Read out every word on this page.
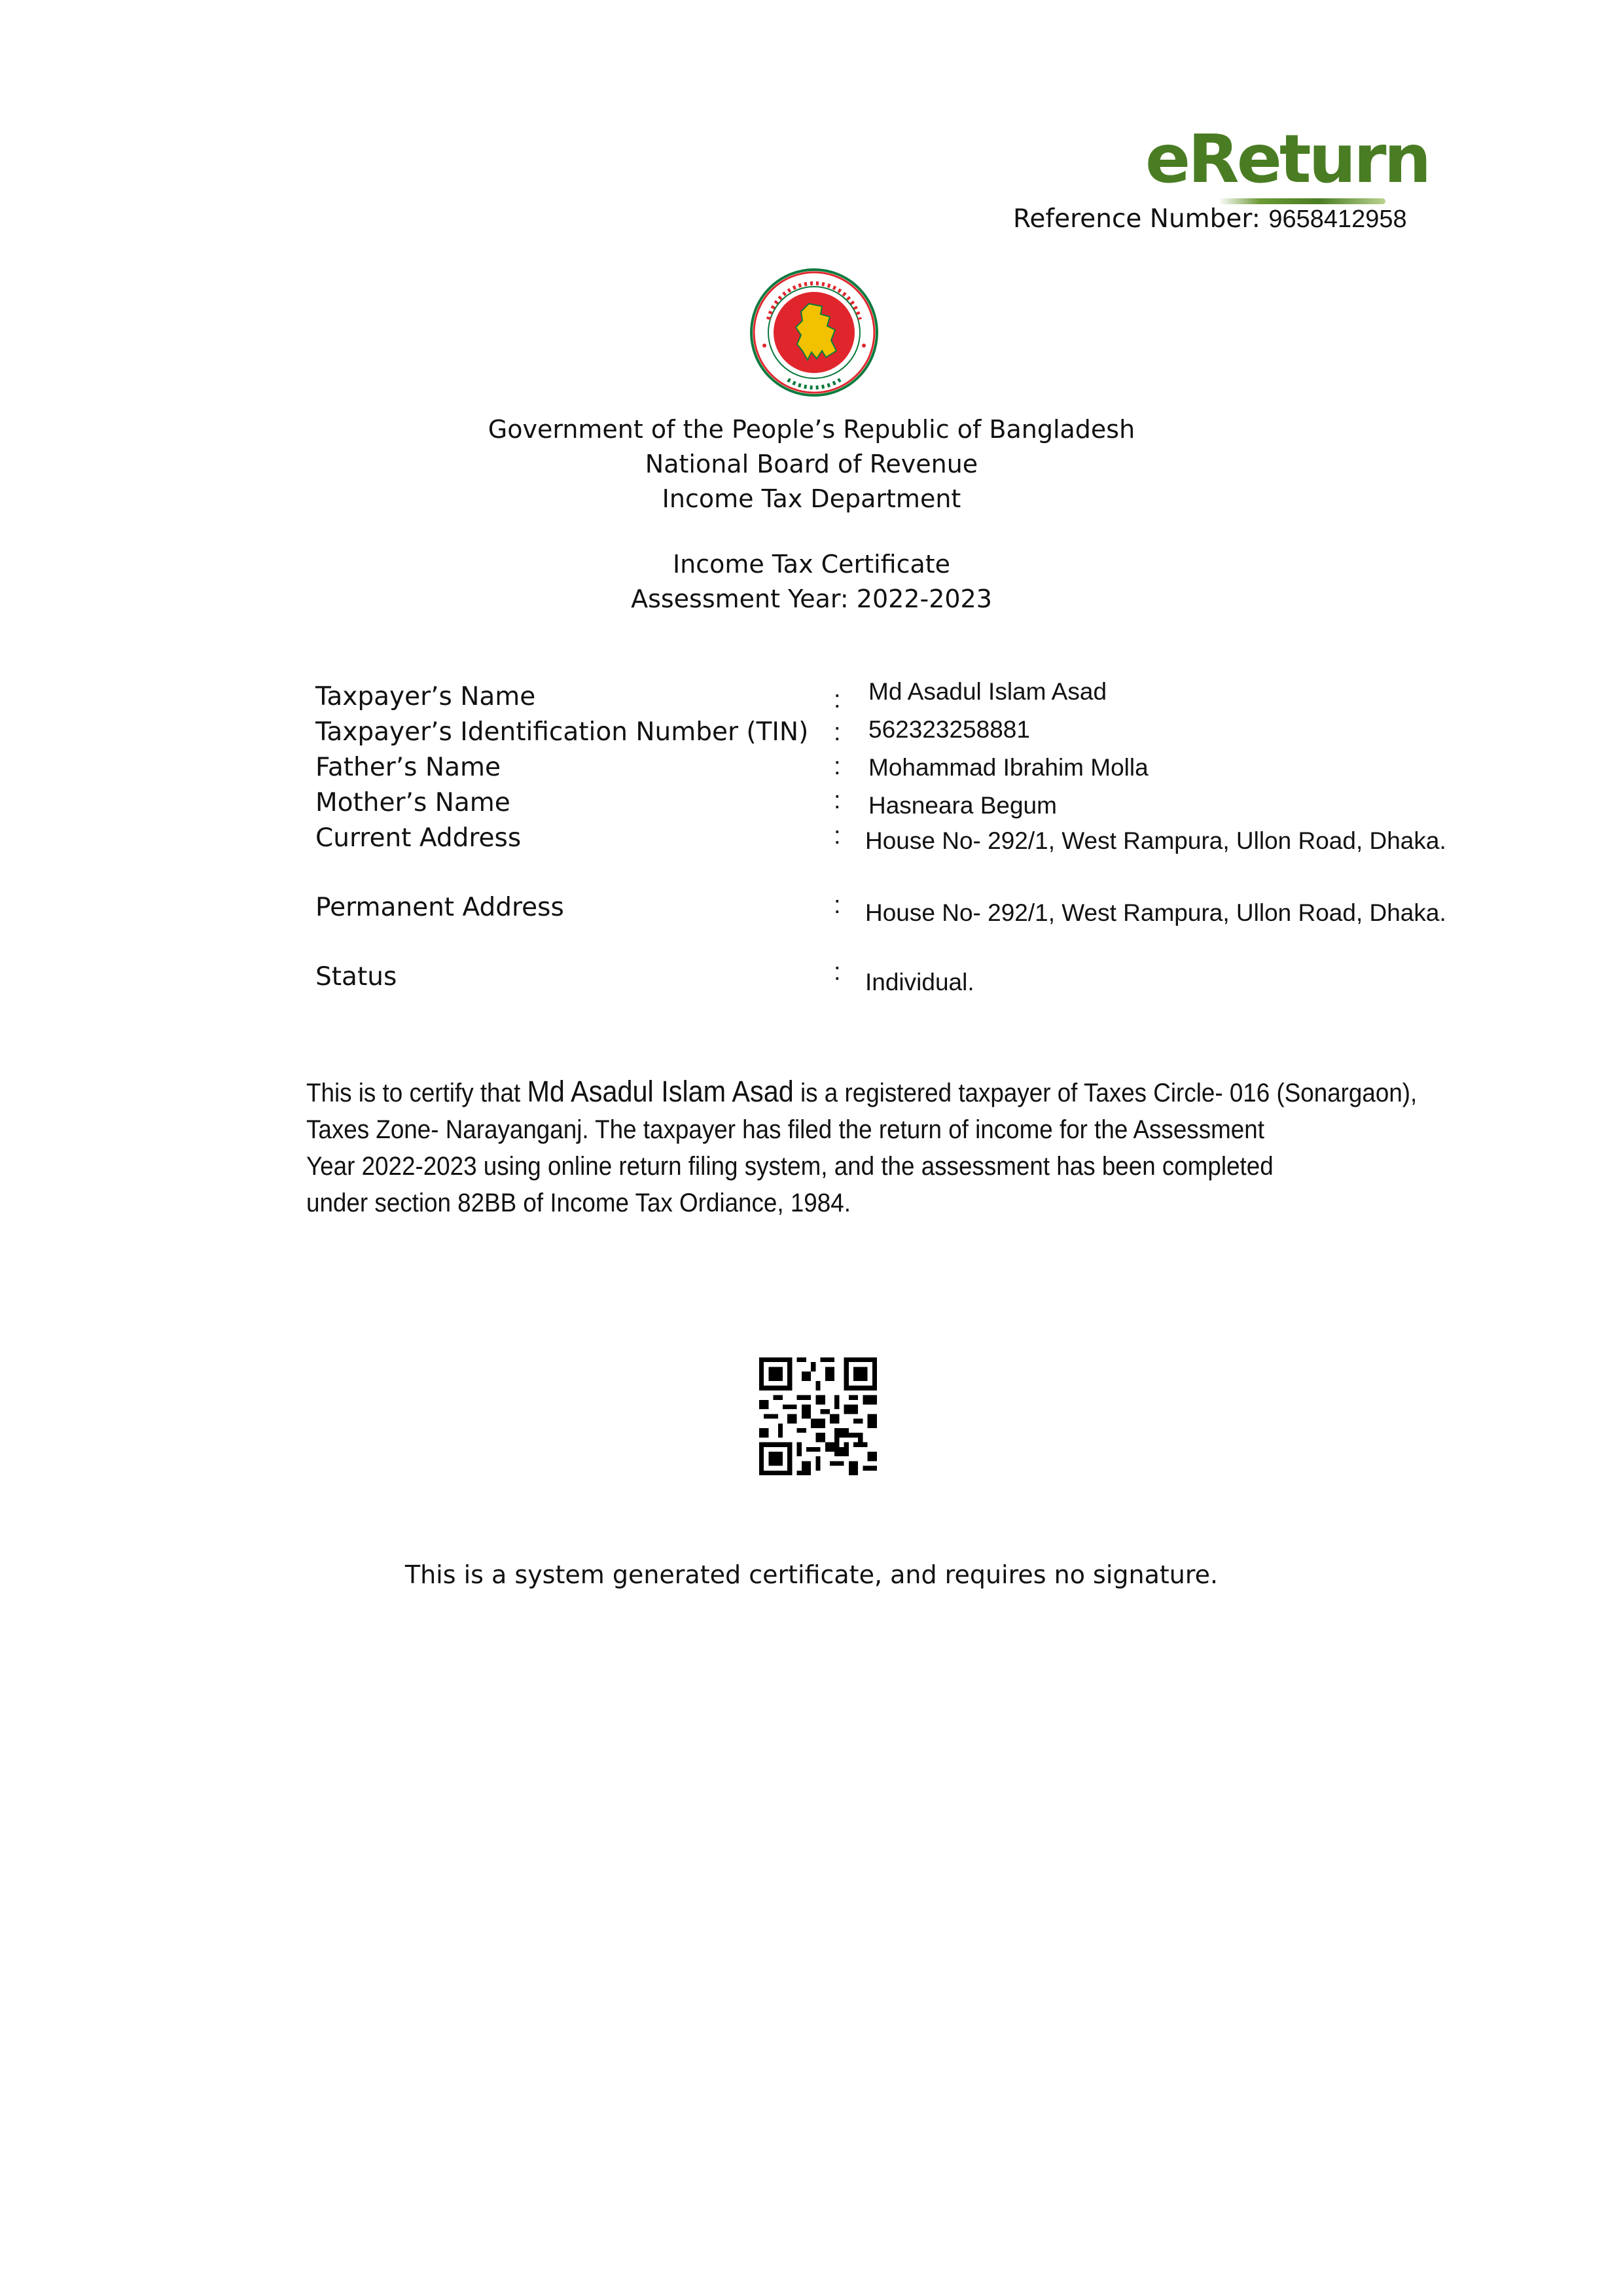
eReturn
Reference Number: 9658412958
Government of the People’s Republic of Bangladesh
National Board of Revenue
Income Tax Department
Income Tax Certificate
Assessment Year: 2022-2023
Taxpayer’s Name	: Md Asadul Islam Asad
Taxpayer’s Identification Number (TIN) : 562323258881
Father’s Name	: Mohammad Ibrahim Molla
Mother’s Name	: Hasneara Begum
Current Address	: House No- 292/1, West Rampura, Ullon Road, Dhaka.
Permanent Address	: House No- 292/1, West Rampura, Ullon Road, Dhaka.
Status	: Individual.

This is to certify that Md Asadul Islam Asad is a registered taxpayer of Taxes Circle- 016 (Sonargaon),

Taxes Zone- Narayanganj. The taxpayer has filed the return of income for the Assessment

Year 2022-2023 using online return filing system, and the assessment has been completed

under section 82BB of Income Tax Ordiance, 1984.

This is a system generated certificate, and requires no signature.
